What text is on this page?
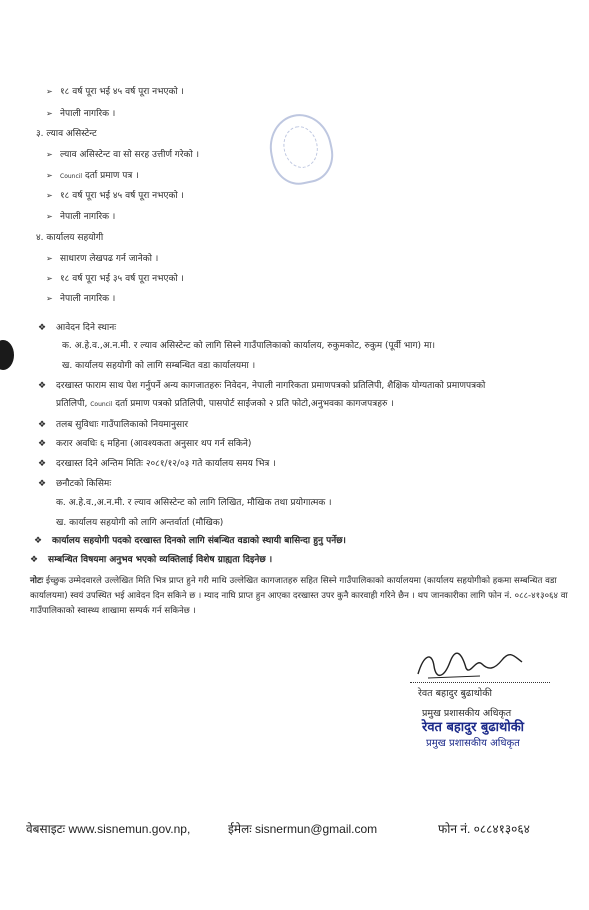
➢ १८ वर्ष पूरा भई ४५ वर्ष पूरा नभएको ।
➢ नेपाली नागरिक ।
३. ल्याव असिस्टेन्ट
➢ ल्याव असिस्टेन्ट वा सो सरह उत्तीर्ण गरेको ।
➢ Council दर्ता प्रमाण पत्र ।
➢ १८ वर्ष पूरा भई ४५ वर्ष पूरा नभएको ।
➢ नेपाली नागरिक ।
४. कार्यालय सहयोगी
➢ साधारण लेखपढ गर्न जानेको ।
➢ १८ वर्ष पूरा भई ३५ वर्ष पूरा नभएको ।
➢ नेपाली नागरिक ।
❖ आवेदन दिने स्थानः
क. अ.हे.व.,अ.न.मी. र ल्याव असिस्टेन्ट को लागि सिस्ने गाउँपालिकाको कार्यालय, रुकुमकोट, रुकुम (पूर्वी भाग) मा।
ख. कार्यालय सहयोगी को लागि सम्बन्धित वडा कार्यालयमा ।
❖ दरखास्त फाराम साथ पेश गर्नुपर्ने अन्य कागजातहरुः निवेदन, नेपाली नागरिकता प्रमाणपत्रको प्रतिलिपी, शैक्षिक योग्यताको प्रमाणपत्रको
प्रतिलिपी, Council दर्ता प्रमाण पत्रको प्रतिलिपी, पासपोर्ट साईजको २ प्रति फोटो,अनुभवका कागजपत्रहरु ।
❖ तलब सुविधाः गाउँपालिकाको नियमानुसार
❖ करार अवधिः ६ महिना (आवश्यकता अनुसार थप गर्न सकिने)
❖ दरखास्त दिने अन्तिम मितिः २०८१/१२/०३ गते कार्यालय समय भित्र ।
❖ छनौटको किसिमः
क. अ.हे.व.,अ.न.मी. र ल्याव असिस्टेन्ट को लागि लिखित, मौखिक तथा प्रयोगात्मक ।
ख. कार्यालय सहयोगी को लागि अन्तर्वार्ता (मौखिक)
❖ कार्यालय सहयोगी पदको दरखास्त दिनको लागि संबन्धित वडाको स्थायी बासिन्दा हुनु पर्नेछ।
❖ सम्बन्धित विषयमा अनुभव भएको व्यक्तिलाई विशेष ग्राह्यता दिइनेछ ।
नोटः ईच्छुक उम्मेदवारले उल्लेखित मिति भित्र प्राप्त हुने गरी माथि उल्लेखित कागजातहरु सहित सिस्ने गाउँपालिकाको कार्यालयमा (कार्यालय सहयोगीको हकमा सम्बन्धित वडा कार्यालयमा) स्वयं उपस्थित भई आवेदन दिन सकिने छ । म्याद नाघि प्राप्त हुन आएका दरखास्त उपर कुनै कारवाही गरिने छैन । थप जानकारीका लागि फोन नं. ०८८-४१३०६४ वा गाउँपालिकाको स्वास्थ्य शाखामा सम्पर्क गर्न सकिनेछ ।
रेवत बहादुर बुढाथोकी
प्रमुख प्रशासकीय अधिकृत
रेवत बहादुर बुढाथोकी
प्रमुख प्रशासकीय अधिकृत
वेबसाइटः www.sisnemun.gov.np,	ईमेलः sisnermun@gmail.com	फोन नं. ०८८४१३०६४
